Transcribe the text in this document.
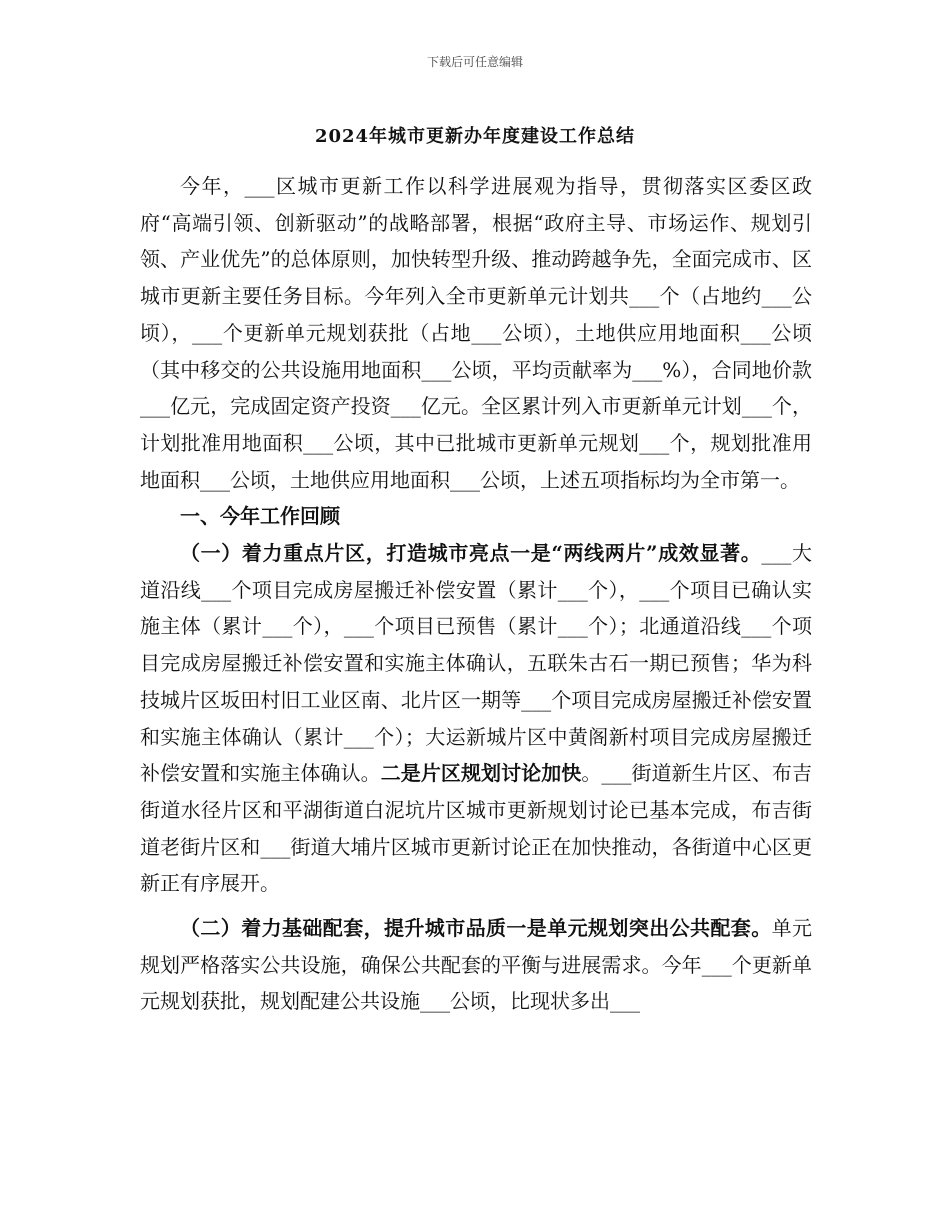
下载后可任意编辑
2024年城市更新办年度建设工作总结

今年，___区城市更新工作以科学进展观为指导，贯彻落实区委区政府“高端引领、创新驱动”的战略部署，根据“政府主导、市场运作、规划引领、产业优先”的总体原则，加快转型升级、推动跨越争先，全面完成市、区城市更新主要任务目标。今年列入全市更新单元计划共___个（占地约___公顷），___个更新单元规划获批（占地___公顷），土地供应用地面积___公顷（其中移交的公共设施用地面积___公顷，平均贡献率为___%），合同地价款___亿元，完成固定资产投资___亿元。全区累计列入市更新单元计划___个，计划批准用地面积___公顷，其中已批城市更新单元规划___个，规划批准用地面积___公顷，土地供应用地面积___公顷，上述五项指标均为全市第一。

一、今年工作回顾

（一）着力重点片区，打造城市亮点一是“两线两片”成效显著。___大道沿线___个项目完成房屋搬迁补偿安置（累计___个），___个项目已确认实施主体（累计___个），___个项目已预售（累计___个）；北通道沿线___个项目完成房屋搬迁补偿安置和实施主体确认，五联朱古石一期已预售；华为科技城片区坂田村旧工业区南、北片区一期等___个项目完成房屋搬迁补偿安置和实施主体确认（累计___个）；大运新城片区中黄阁新村项目完成房屋搬迁补偿安置和实施主体确认。二是片区规划讨论加快。___街道新生片区、布吉街道水径片区和平湖街道白泥坑片区城市更新规划讨论已基本完成，布吉街道老街片区和___街道大埔片区城市更新讨论正在加快推动，各街道中心区更新正有序展开。

（二）着力基础配套，提升城市品质一是单元规划突出公共配套。单元规划严格落实公共设施，确保公共配套的平衡与进展需求。今年___个更新单元规划获批，规划配建公共设施___公顷，比现状多出___
